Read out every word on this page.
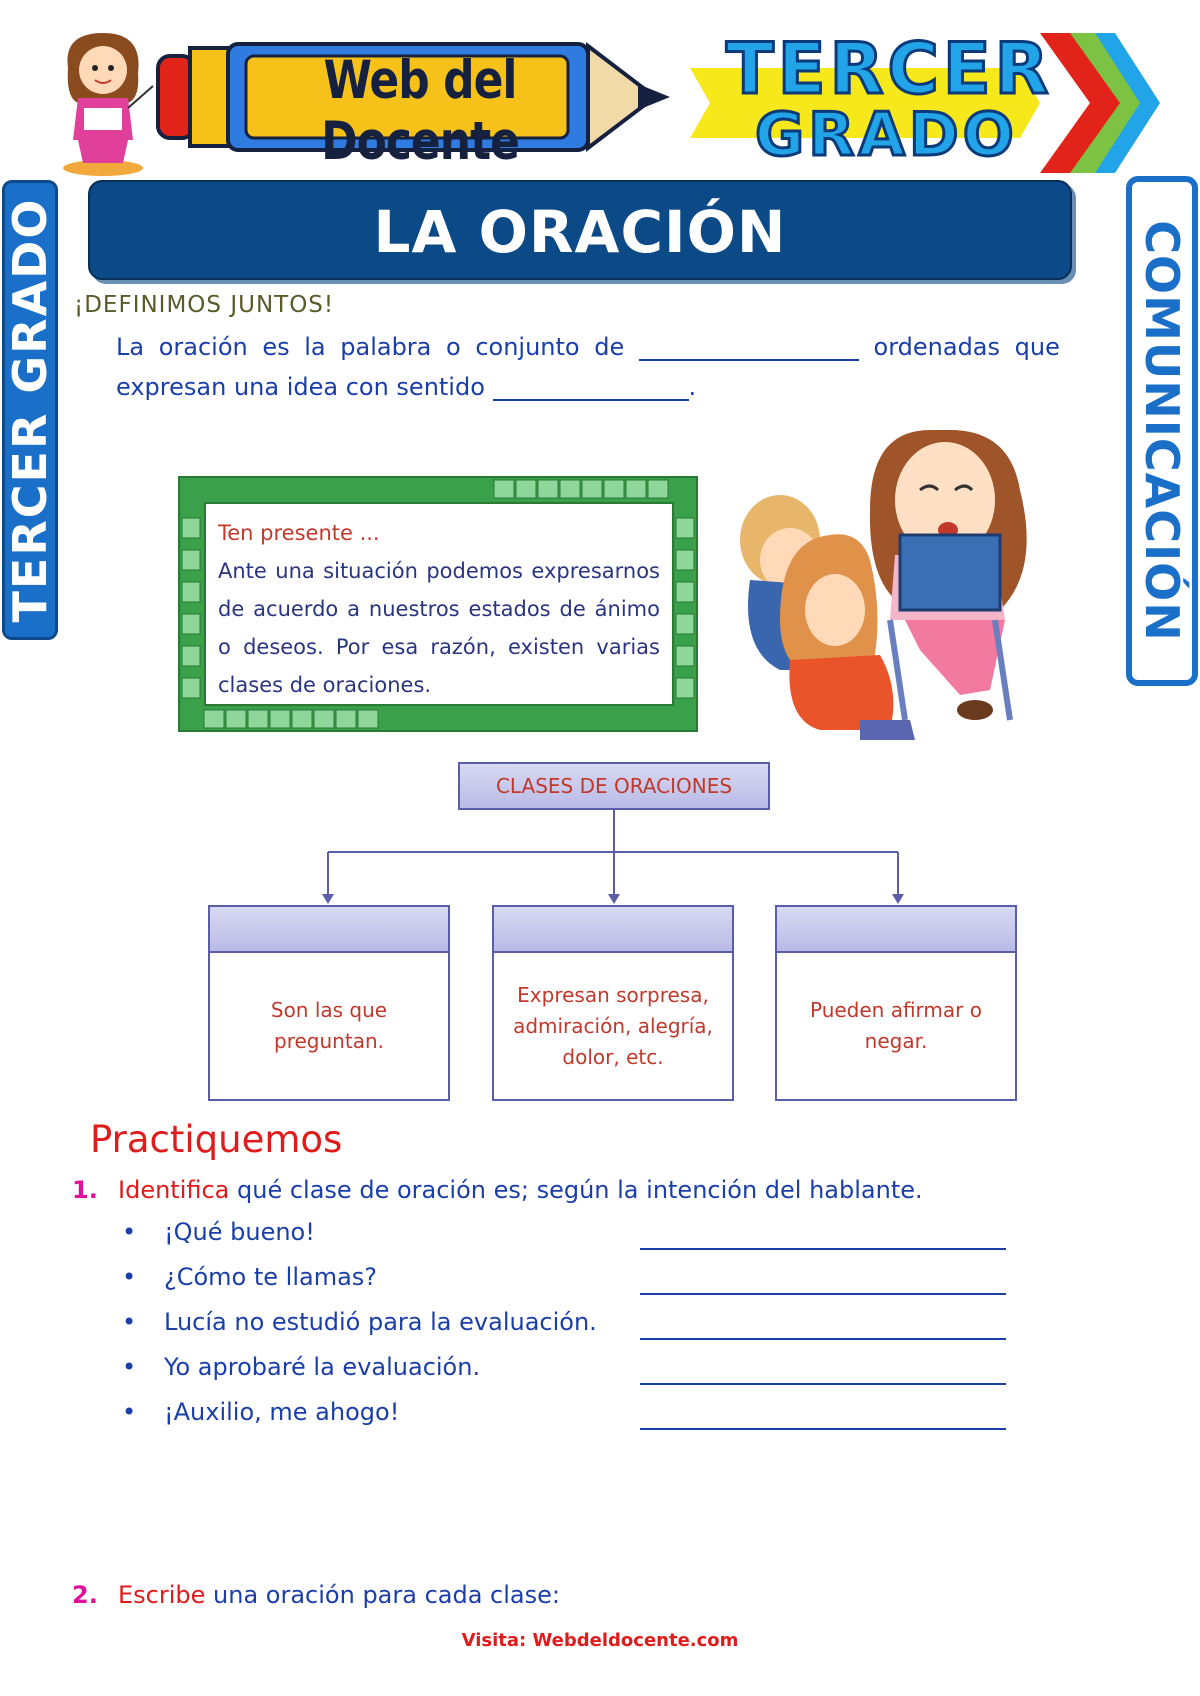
Web del Docente
TERCER
GRADO
TERCER GRADO	COMUNICACIÓN
LA ORACIÓN
¡DEFINIMOS JUNTOS!
La oración es la palabra o conjunto de	ordenadas que
expresan una idea con sentido	.
Ten presente ...
Ante una situación podemos expresarnos de acuerdo a nuestros estados de ánimo o deseos. Por esa razón, existen varias clases de oraciones.
CLASES DE ORACIONES
Son las que preguntan.
Expresan sorpresa, admiración, alegría, dolor, etc.
Pueden afirmar o negar.
Practiquemos
1. Identifica qué clase de oración es; según la intención del hablante.
• ¡Qué bueno!
• ¿Cómo te llamas?
• Lucía no estudió para la evaluación.
• Yo aprobaré la evaluación.
• ¡Auxilio, me ahogo!
2. Escribe una oración para cada clase:
Visita: Webdeldocente.com
